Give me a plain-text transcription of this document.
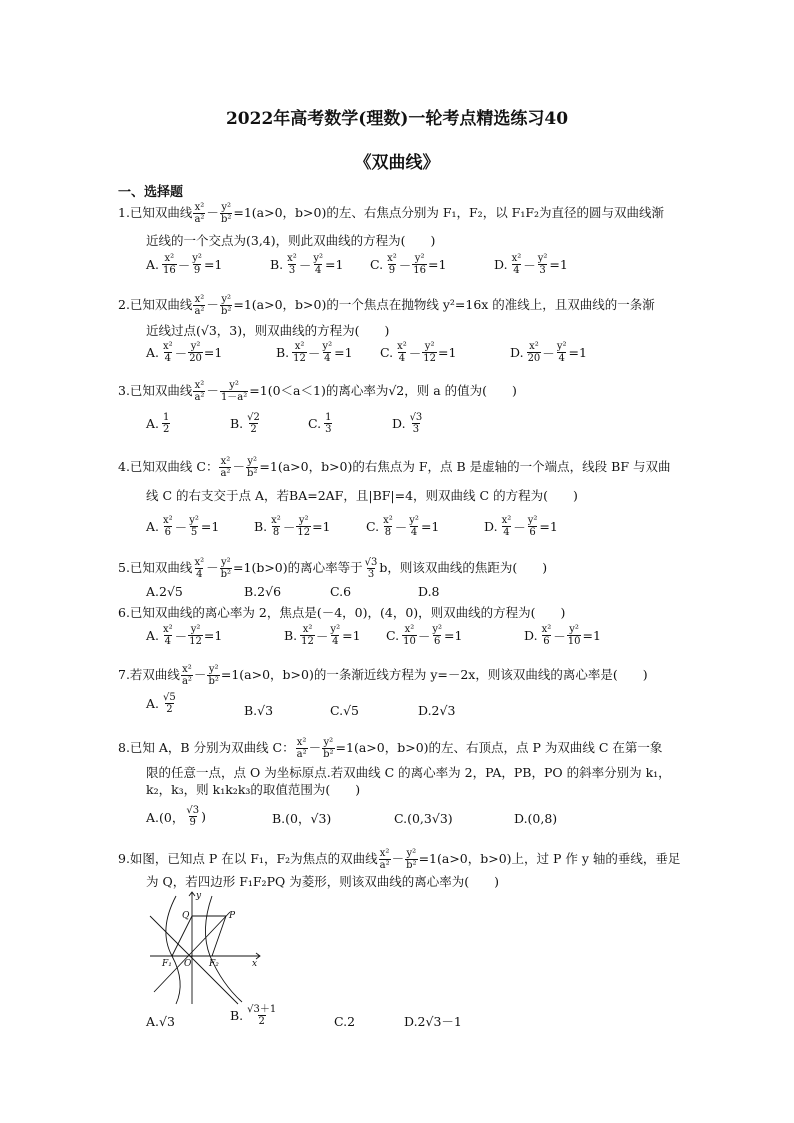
2022年高考数学(理数)一轮考点精选练习40
《双曲线》
一、选择题
1.已知双曲线 $\frac{\text{x²}}{\text{a²}} - \frac{\text{y²}}{\text{b²}} =1(a>0$，b>0)的左、右焦点分别为 F₁，F₂，以 F₁F₂为直径的圆与双曲线渐
近线的一个交点为(3,4)，则此双曲线的方程为(　　)
A. $\frac{\text{x²}}{16} - \frac{\text{y²}}{9} =1$	B. $\frac{\text{x²}}{3} - \frac{\text{y²}}{4} =1$ C. $\frac{\text{x²}}{9} - \frac{\text{y²}}{16} =1$	D. $\frac{\text{x²}}{4} - \frac{\text{y²}}{3} =1$
2.已知双曲线 $\frac{\text{x²}}{\text{a²}} - \frac{\text{y²}}{\text{b²}} =1(a>0$，b>0)的一个焦点在抛物线 y²=16x 的准线上，且双曲线的一条渐
近线过点(√3，3)，则双曲线的方程为(　　)
A. $\frac{\text{x²}}{4} - \frac{\text{y²}}{20} =1$	B. $\frac{\text{x²}}{12} - \frac{\text{y²}}{4} =1$ C. $\frac{\text{x²}}{4} - \frac{\text{y²}}{12} =1$	D. $\frac{\text{x²}}{20} - \frac{\text{y²}}{4} =1$
3.已知双曲线 $\frac{\text{x²}}{\text{a²}} - \frac{\text{y²}}{\text{1－a²}} =1(0<a<1)$的离心率为√2，则 a 的值为(　　)
A. $\frac{1}{2}$	B. $\frac{√2}{2}$	C. $\frac{1}{3}$	D. $\frac{√3}{3}$
4.已知双曲线 C： $\frac{\text{x²}}{\text{a²}} - \frac{\text{y²}}{\text{b²}} =1(a>0$，b>0)的右焦点为 F，点 B 是虚轴的一个端点，线段 BF 与双曲
线 C 的右支交于点 A，若BA=2AF，且|BF|=4，则双曲线 C 的方程为(　　)
A. $\frac{\text{x²}}{6} - \frac{\text{y²}}{5} =1$	B. $\frac{\text{x²}}{8} - \frac{\text{y²}}{12} =1$	C. $\frac{\text{x²}}{8} - \frac{\text{y²}}{4} =1$	D. $\frac{\text{x²}}{4} - \frac{\text{y²}}{6} =1$
5.已知双曲线 $\frac{\text{x²}}{4} - \frac{\text{y²}}{\text{b²}} =1(b>0)$的离心率等于 $\frac{√3}{3}$ b，则该双曲线的焦距为(　　)
A.2√5	B.2√6	C.6	D.8
6.已知双曲线的离心率为 2，焦点是(－4，0)，(4，0)，则双曲线的方程为(　　)
A. $\frac{\text{x²}}{4} - \frac{\text{y²}}{12} =1$	B. $\frac{\text{x²}}{12} - \frac{\text{y²}}{4} =1$ C. $\frac{\text{x²}}{10} - \frac{\text{y²}}{6} =1$	D. $\frac{\text{x²}}{6} - \frac{\text{y²}}{10} =1$
7.若双曲线 $\frac{\text{x²}}{\text{a²}} - \frac{\text{y²}}{\text{b²}} =1(a>0$，b>0)的一条渐近线方程为 y=－2x，则该双曲线的离心率是(　　)
A. $\frac{√5}{2}$	B.√3	C.√5	D.2√3
8.已知 A，B 分别为双曲线 C： $\frac{\text{x²}}{\text{a²}} - \frac{\text{y²}}{\text{b²}} =1(a>0$，b>0)的左、右顶点，点 P 为双曲线 C 在第一象
限的任意一点，点 O 为坐标原点.若双曲线 C 的离心率为 2，PA，PB，PO 的斜率分别为 k₁，
k₂，k₃，则 k₁k₂k₃的取值范围为(　　)
A.(0， $\frac{√3}{9}$ )	B.(0，√3)	C.(0,3√3)	D.(0,8)
9.如图，已知点 P 在以 F₁，F₂为焦点的双曲线 $\frac{\text{x²}}{\text{a²}} - \frac{\text{y²}}{\text{b²}} =1(a>0$，b>0)上，过 P 作 y 轴的垂线，垂足
为 Q，若四边形 F₁F₂PQ 为菱形，则该双曲线的离心率为(　　)
y
x
Q	P
O
F₁	F₂
A.√3	B. $\frac{√3+1}{2}$	C.2	D.2√3－1
